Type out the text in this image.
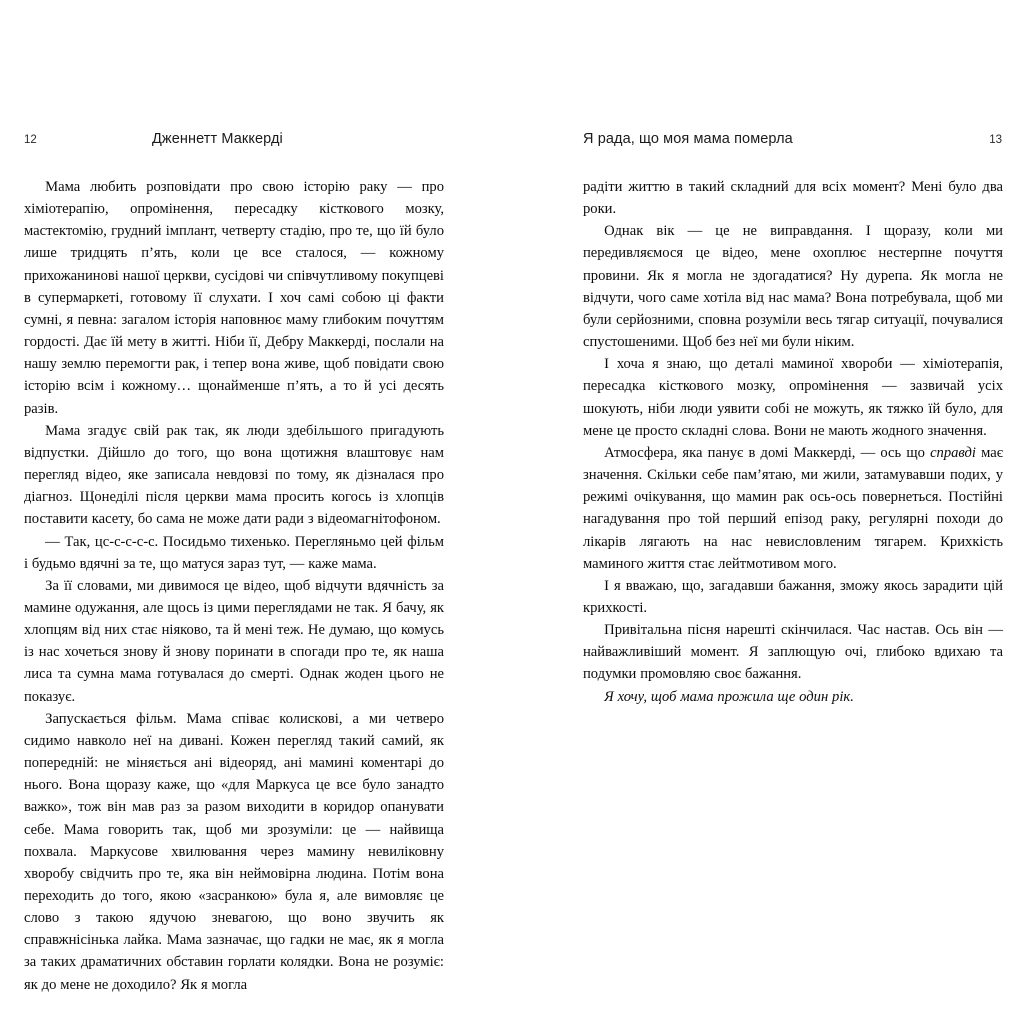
12	Дженнетт Маккерді

Мама любить розповідати про свою історію раку — про хіміотерапію, опромінення, пересадку кісткового мозку, мастектомію, грудний імплант, четверту стадію, про те, що їй було лише тридцять п’ять, коли це все сталося, — кожному прихожанинові нашої церкви, сусідові чи співчутливому покупцеві в супермаркеті, готовому її слухати. І хоч самі собою ці факти сумні, я певна: загалом історія наповнює маму глибоким почуттям гордості. Дає їй мету в житті. Ніби її, Дебру Маккерді, послали на нашу землю перемогти рак, і тепер вона живе, щоб повідати свою історію всім і кожному… щонайменше п’ять, а то й усі десять разів.

Мама згадує свій рак так, як люди здебільшого пригадують відпустки. Дійшло до того, що вона щотижня влаштовує нам перегляд відео, яке записала невдовзі по тому, як дізналася про діагноз. Щонеділі після церкви мама просить когось із хлопців поставити касету, бо сама не може дати ради з відеомагнітофоном.

— Так, цс-с-с-с-с. Посидьмо тихенько. Перегляньмо цей фільм і будьмо вдячні за те, що матуся зараз тут, — каже мама.

За її словами, ми дивимося це відео, щоб відчути вдячність за мамине одужання, але щось із цими переглядами не так. Я бачу, як хлопцям від них стає ніяково, та й мені теж. Не думаю, що комусь із нас хочеться знову й знову поринати в спогади про те, як наша лиса та сумна мама готувалася до смерті. Однак жоден цього не показує.

Запускається фільм. Мама співає колискові, а ми четверо сидимо навколо неї на дивані. Кожен перегляд такий самий, як попередній: не міняється ані відеоряд, ані мамині коментарі до нього. Вона щоразу каже, що «для Маркуса це все було занадто важко», тож він мав раз за разом виходити в коридор опанувати себе. Мама говорить так, щоб ми зрозуміли: це — найвища похвала. Маркусове хвилювання через мамину невиліковну хворобу свідчить про те, яка він неймовірна людина. Потім вона переходить до того, якою «засранкою» була я, але вимовляє це слово з такою ядучою зневагою, що воно звучить як справжнісінька лайка. Мама зазначає, що гадки не має, як я могла за таких драматичних обставин горлати колядки. Вона не розуміє: як до мене не доходило? Як я могла

Я рада, що моя мама померла	13

радіти життю в такий складний для всіх момент? Мені було два роки.

Однак вік — це не виправдання. І щоразу, коли ми передивляємося це відео, мене охоплює нестерпне почуття провини. Як я могла не здогадатися? Ну дурепа. Як могла не відчути, чого саме хотіла від нас мама? Вона потребувала, щоб ми були серйозними, сповна розуміли весь тягар ситуації, почувалися спустошеними. Щоб без неї ми були ніким.

І хоча я знаю, що деталі маминої хвороби — хіміотерапія, пересадка кісткового мозку, опромінення — зазвичай усіх шокують, ніби люди уявити собі не можуть, як тяжко їй було, для мене це просто складні слова. Вони не мають жодного значення.

Атмосфера, яка панує в домі Маккерді, — ось що справді має значення. Скільки себе пам’ятаю, ми жили, затамувавши подих, у режимі очікування, що мамин рак ось-ось повернеться. Постійні нагадування про той перший епізод раку, регулярні походи до лікарів лягають на нас невисловленим тягарем. Крихкість маминого життя стає лейтмотивом мого.

І я вважаю, що, загадавши бажання, зможу якось зарадити цій крихкості.

Привітальна пісня нарешті скінчилася. Час настав. Ось він — найважливіший момент. Я заплющую очі, глибоко вдихаю та подумки промовляю своє бажання.

Я хочу, щоб мама прожила ще один рік.
